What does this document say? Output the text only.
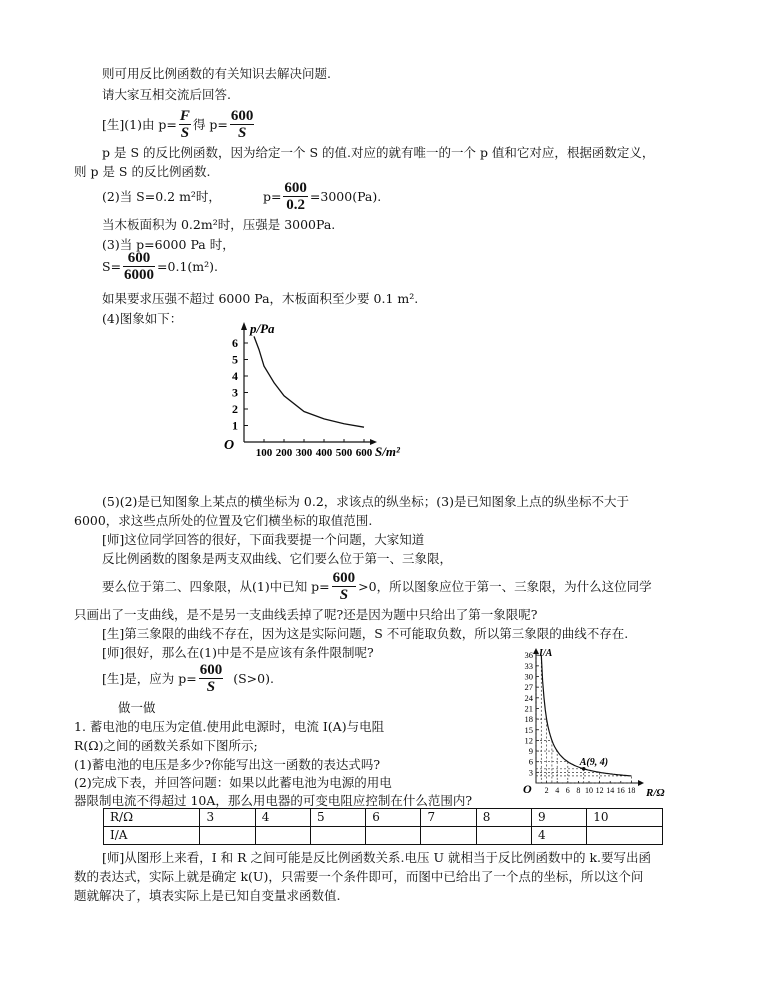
则可用反比例函数的有关知识去解决问题.
请大家互相交流后回答.
[生](1)由 $p= \frac{F}{S}$ 得 $p= \frac{600}{S}$
p 是 S 的反比例函数，因为给定一个 S 的值.对应的就有唯一的一个 p 值和它对应，根据函数定义，
则 p 是 S 的反比例函数.
(2)当 S=0.2 m²时，	$p= \frac{600}{0.2} =3000(Pa)$.
当木板面积为 0.2m²时，压强是 3000Pa.
(3)当 p=6000 Pa 时，
$S= \frac{600}{6000} =0.1(m^2)$.
如果要求压强不超过 6000 Pa，木板面积至少要 0.1 m².
(4)图象如下：
p/Pa
S/m²
O
6
5
4
3
2
1
100 200 300 400 500 600
(5)(2)是已知图象上某点的横坐标为 0.2，求该点的纵坐标；(3)是已知图象上点的纵坐标不大于
6000，求这些点所处的位置及它们横坐标的取值范围.
[师]这位同学回答的很好，下面我要提一个问题，大家知道
反比例函数的图象是两支双曲线、它们要么位于第一、三象限，
要么位于第二、四象限，从(1)中已知 $p= \frac{600}{S} >0$，所以图象应位于第一、三象限，为什么这位同学
只画出了一支曲线，是不是另一支曲线丢掉了呢?还是因为题中只给出了第一象限呢?
[生]第三象限的曲线不存在，因为这是实际问题，S 不可能取负数，所以第三象限的曲线不存在.
[师]很好，那么在(1)中是不是应该有条件限制呢?
[生]是，应为 $p= \frac{600}{S} (S>0)$.
做一做
1. 蓄电池的电压为定值.使用此电源时，电流 I(A)与电阻
R(Ω)之间的函数关系如下图所示;
(1)蓄电池的电压是多少?你能写出这一函数的表达式吗?
(2)完成下表，并回答问题：如果以此蓄电池为电源的用电
器限制电流不得超过 10A，那么用电器的可变电阻应控制在什么范围内?
I/A
R/Ω
O
36
33
30
27
24
21
18
15
12
9
6
3
2 4 6 8 10 12 14 16 18
A(9, 4)
R/Ω	3	4	5	6	7	8	9	10
I/A							4	
[师]从图形上来看，I 和 R 之间可能是反比例函数关系.电压 U 就相当于反比例函数中的 k.要写出函
数的表达式，实际上就是确定 k(U)，只需要一个条件即可，而图中已给出了一个点的坐标，所以这个问
题就解决了，填表实际上是已知自变量求函数值.
